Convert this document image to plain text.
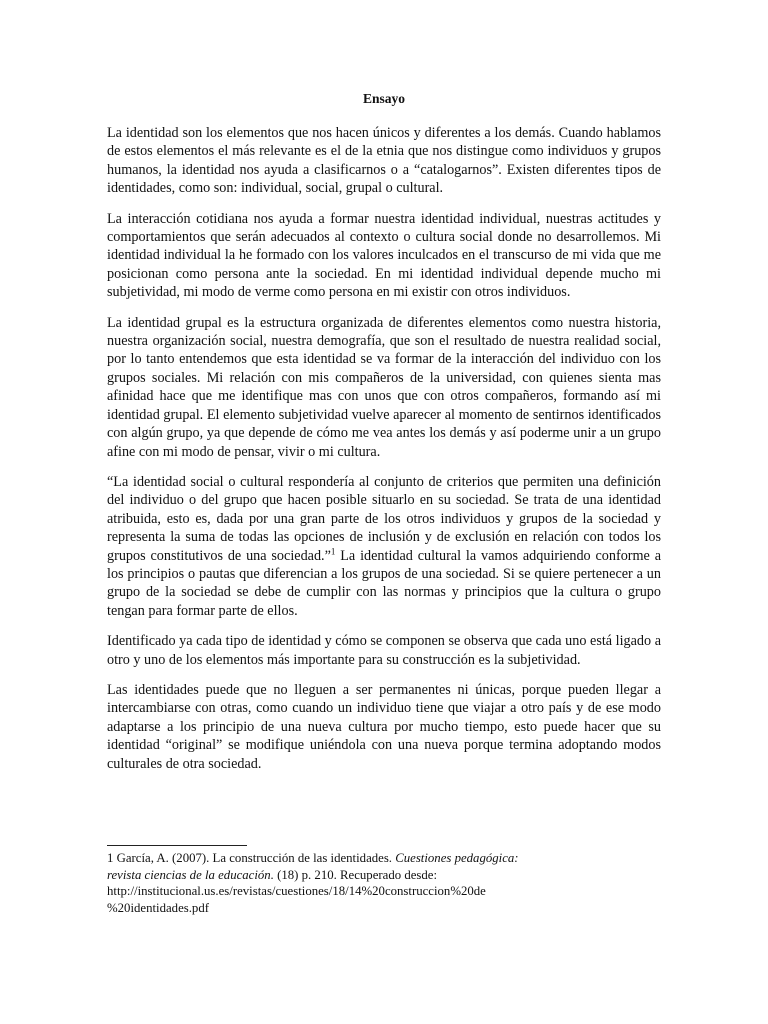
Ensayo

La identidad son los elementos que nos hacen únicos y diferentes a los demás. Cuando hablamos de estos elementos el más relevante es el de la etnia que nos distingue como individuos y grupos humanos, la identidad nos ayuda a clasificarnos o a “catalogarnos”. Existen diferentes tipos de identidades, como son: individual, social, grupal o cultural.

La interacción cotidiana nos ayuda a formar nuestra identidad individual, nuestras actitudes y comportamientos que serán adecuados al contexto o cultura social donde no desarrollemos. Mi identidad individual la he formado con los valores inculcados en el transcurso de mi vida que me posicionan como persona ante la sociedad. En mi identidad individual depende mucho mi subjetividad, mi modo de verme como persona en mi existir con otros individuos.

La identidad grupal es la estructura organizada de diferentes elementos como nuestra historia, nuestra organización social, nuestra demografía, que son el resultado de nuestra realidad social, por lo tanto entendemos que esta identidad se va formar de la interacción del individuo con los grupos sociales. Mi relación con mis compañeros de la universidad, con quienes sienta mas afinidad hace que me identifique mas con unos que con otros compañeros, formando así mi identidad grupal. El elemento subjetividad vuelve aparecer al momento de sentirnos identificados con algún grupo, ya que depende de cómo me vea antes los demás y así poderme unir a un grupo afine con mi modo de pensar, vivir o mi cultura.

“La identidad social o cultural respondería al conjunto de criterios que permiten una definición del individuo o del grupo que hacen posible situarlo en su sociedad. Se trata de una identidad atribuida, esto es, dada por una gran parte de los otros individuos y grupos de la sociedad y representa la suma de todas las opciones de inclusión y de exclusión en relación con todos los grupos constitutivos de una sociedad.”$^1$ La identidad cultural la vamos adquiriendo conforme a los principios o pautas que diferencian a los grupos de una sociedad. Si se quiere pertenecer a un grupo de la sociedad se debe de cumplir con las normas y principios que la cultura o grupo tengan para formar parte de ellos.

Identificado ya cada tipo de identidad y cómo se componen se observa que cada uno está ligado a otro y uno de los elementos más importante para su construcción es la subjetividad.

Las identidades puede que no lleguen a ser permanentes ni únicas, porque pueden llegar a intercambiarse con otras, como cuando un individuo tiene que viajar a otro país y de ese modo adaptarse a los principio de una nueva cultura por mucho tiempo, esto puede hacer que su identidad “original” se modifique uniéndola con una nueva porque termina adoptando modos culturales de otra sociedad.

1 García, A. (2007). La construcción de las identidades. Cuestiones pedagógica: revista ciencias de la educación. (18) p. 210. Recuperado desde:
http://institucional.us.es/revistas/cuestiones/18/14%20construccion%20de
%20identidades.pdf
